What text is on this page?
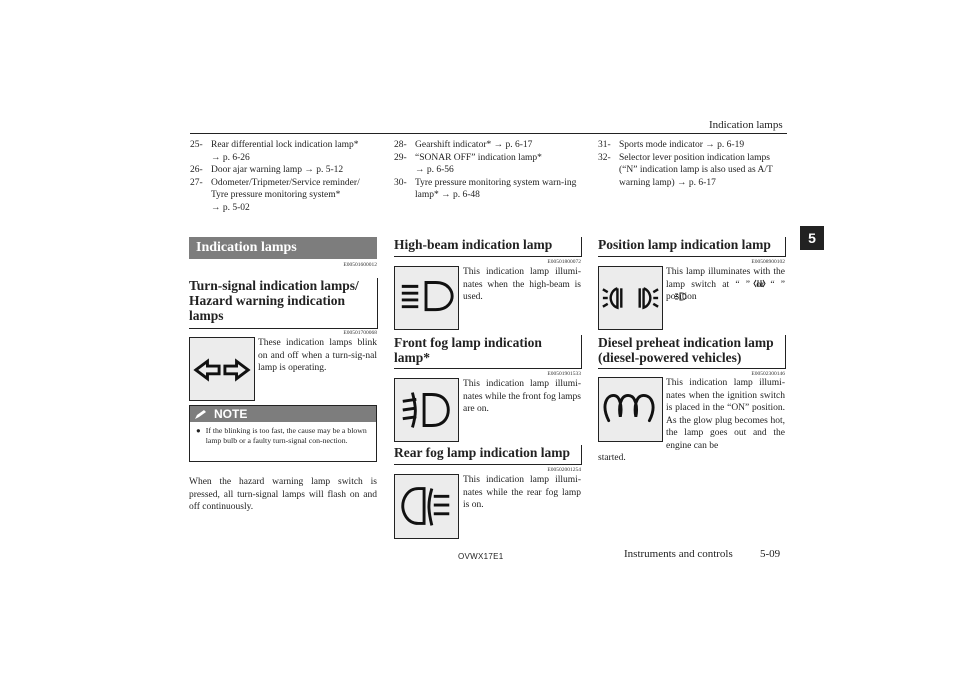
Indication lamps
5
25- Rear differential lock indication lamp*
→ p. 6-26
26- Door ajar warning lamp → p. 5-12
27- Odometer/Tripmeter/Service reminder/ Tyre pressure monitoring system*
→ p. 5-02
28- Gearshift indicator* → p. 6-17
29- “SONAR OFF” indication lamp*
→ p. 6-56
30- Tyre pressure monitoring system warn-ing lamp* → p. 6-48
31- Sports mode indicator → p. 6-19
32- Selector lever position indication lamps (“N” indication lamp is also used as A/T warning lamp) → p. 6-17
Indication lamps
E00501600012
Turn-signal indication lamps/ Hazard warning indication lamps
E00501700068
These indication lamps blink on and off when a turn-sig-nal lamp is operating.
NOTE
● If the blinking is too fast, the cause may be a blown lamp bulb or a faulty turn-signal con-nection.
When the hazard warning lamp switch is pressed, all turn-signal lamps will flash on and off continuously.
High-beam indication lamp
E00501800072
This indication lamp illumi-nates when the high-beam is used.
Front fog lamp indication lamp*
E00501901533
This indication lamp illumi-nates while the front fog lamps are on.
Rear fog lamp indication lamp
E00502001254
This indication lamp illumi-nates while the rear fog lamp is on.
Position lamp indication lamp
E00508900102
This lamp illuminates with the lamp switch at “ ” or “ ” position
Diesel preheat indication lamp (diesel-powered vehicles)
E00502300146
This indication lamp illumi-nates when the ignition switch is placed in the “ON” position. As the glow plug becomes hot, the lamp goes out and the engine can be
started.
OVWX17E1	Instruments and controls 5-09
